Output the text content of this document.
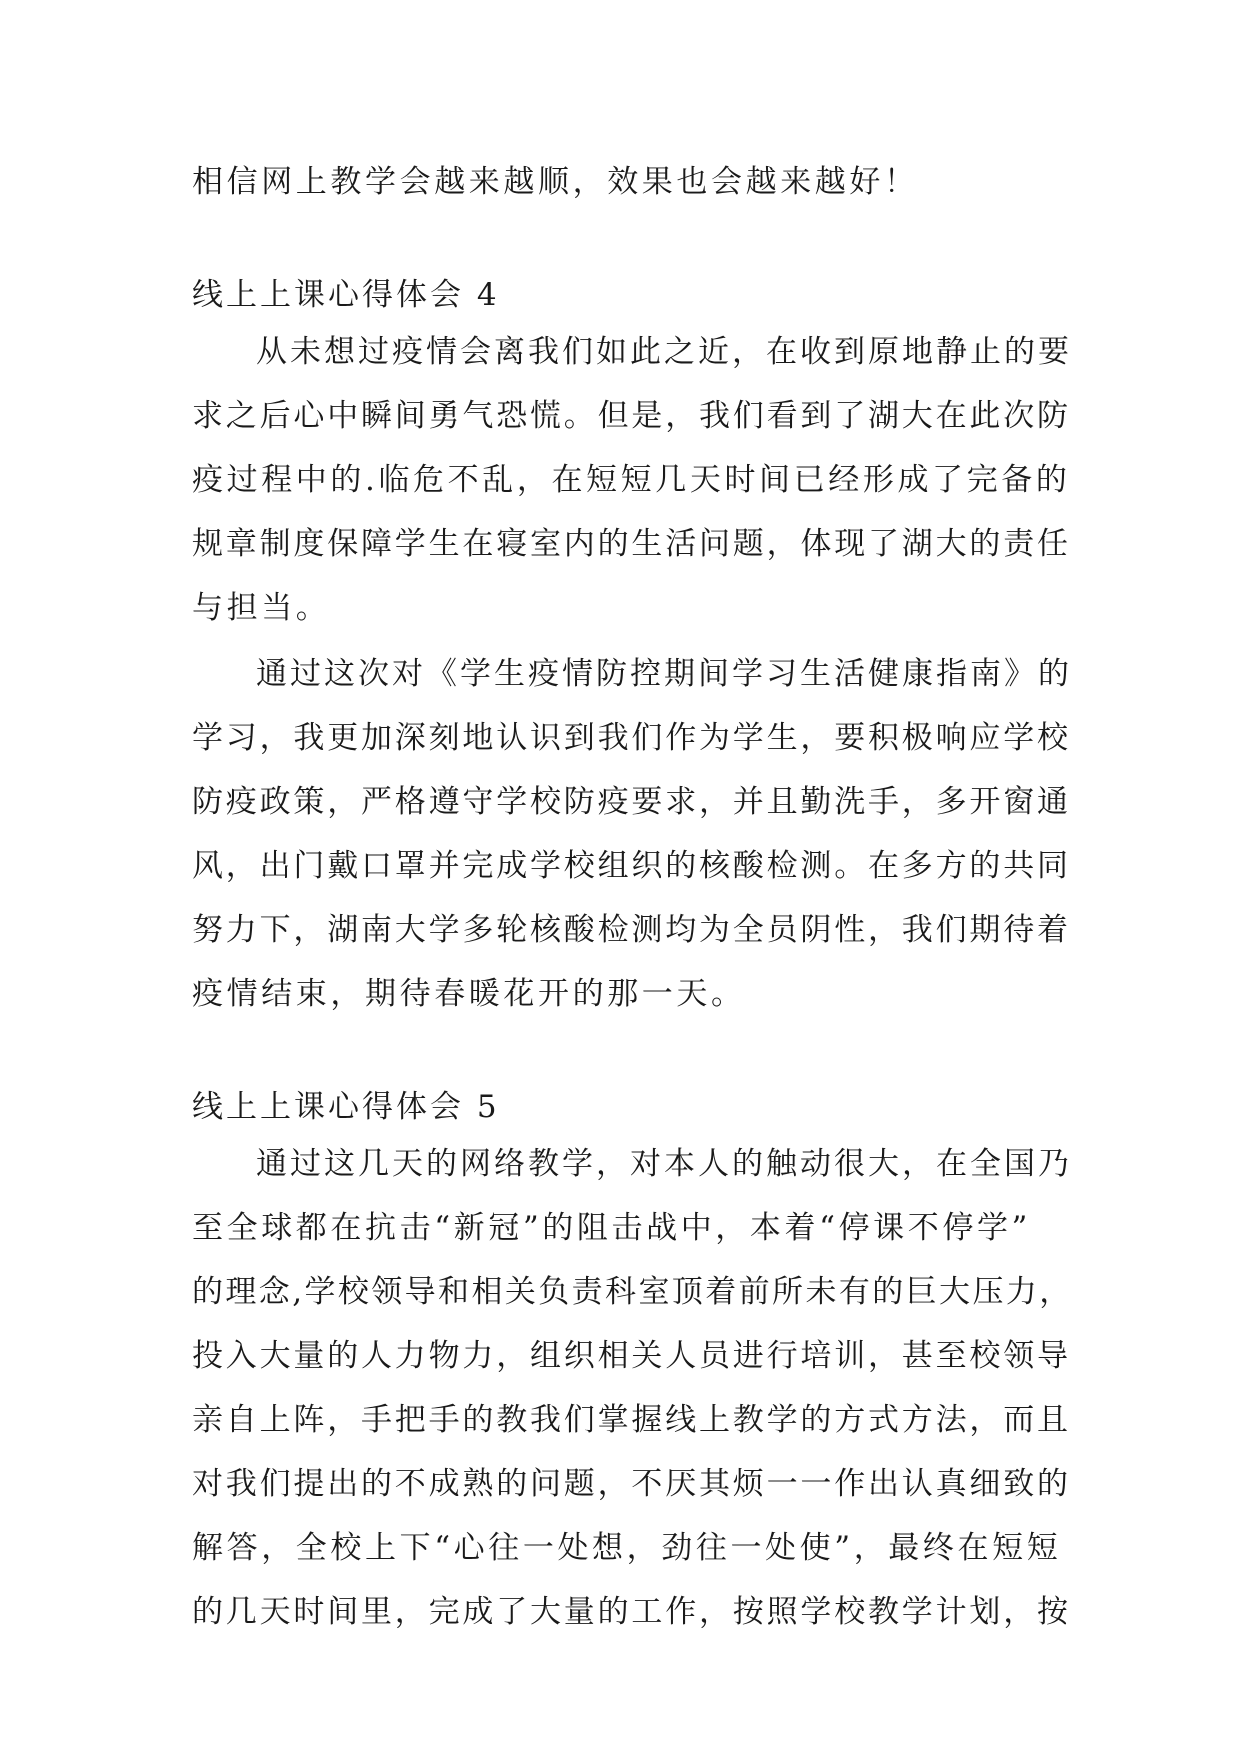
相信网上教学会越来越顺，效果也会越来越好！
线上上课心得体会 4
从未想过疫情会离我们如此之近，在收到原地静止的要
求之后心中瞬间勇气恐慌。但是，我们看到了湖大在此次防
疫过程中的.临危不乱，在短短几天时间已经形成了完备的
规章制度保障学生在寝室内的生活问题，体现了湖大的责任
与担当。
通过这次对《学生疫情防控期间学习生活健康指南》的
学习，我更加深刻地认识到我们作为学生，要积极响应学校
防疫政策，严格遵守学校防疫要求，并且勤洗手，多开窗通
风，出门戴口罩并完成学校组织的核酸检测。在多方的共同
努力下，湖南大学多轮核酸检测均为全员阴性，我们期待着
疫情结束，期待春暖花开的那一天。
线上上课心得体会 5
通过这几天的网络教学，对本人的触动很大，在全国乃
至全球都在抗击“新冠”的阻击战中，本着“停课不停学”
的理念,学校领导和相关负责科室顶着前所未有的巨大压力，
投入大量的人力物力，组织相关人员进行培训，甚至校领导
亲自上阵，手把手的教我们掌握线上教学的方式方法，而且
对我们提出的不成熟的问题，不厌其烦一一作出认真细致的
解答，全校上下“心往一处想，劲往一处使”，最终在短短
的几天时间里，完成了大量的工作，按照学校教学计划，按
